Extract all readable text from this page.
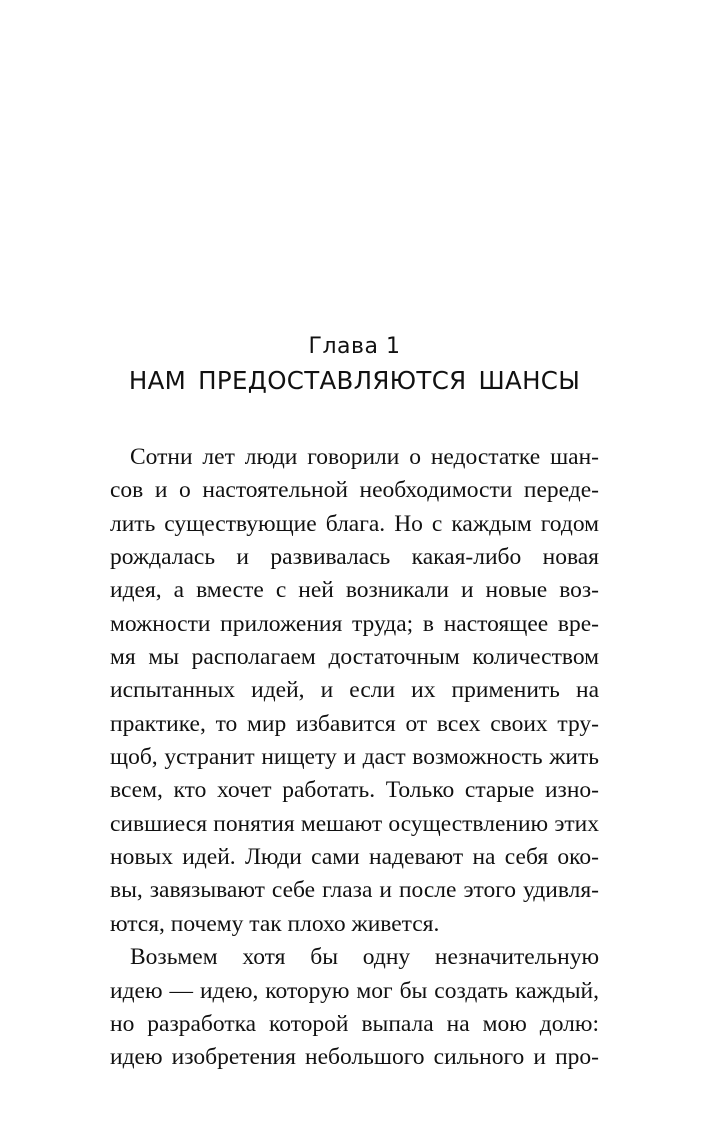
Глава 1
НАМ ПРЕДОСТАВЛЯЮТСЯ ШАНСЫ
Сотни лет люди говорили о недостатке шан-
сов и о настоятельной необходимости переде-
лить существующие блага. Но с каждым годом
рождалась и развивалась какая-либо новая
идея, а вместе с ней возникали и новые воз-
можности приложения труда; в настоящее вре-
мя мы располагаем достаточным количеством
испытанных идей, и если их применить на
практике, то мир избавится от всех своих тру-
щоб, устранит нищету и даст возможность жить
всем, кто хочет работать. Только старые изно-
сившиеся понятия мешают осуществлению этих
новых идей. Люди сами надевают на себя око-
вы, завязывают себе глаза и после этого удивля-
ются, почему так плохо живется.
Возьмем хотя бы одну незначительную
идею — идею, которую мог бы создать каждый,
но разработка которой выпала на мою долю:
идею изобретения небольшого сильного и про-
